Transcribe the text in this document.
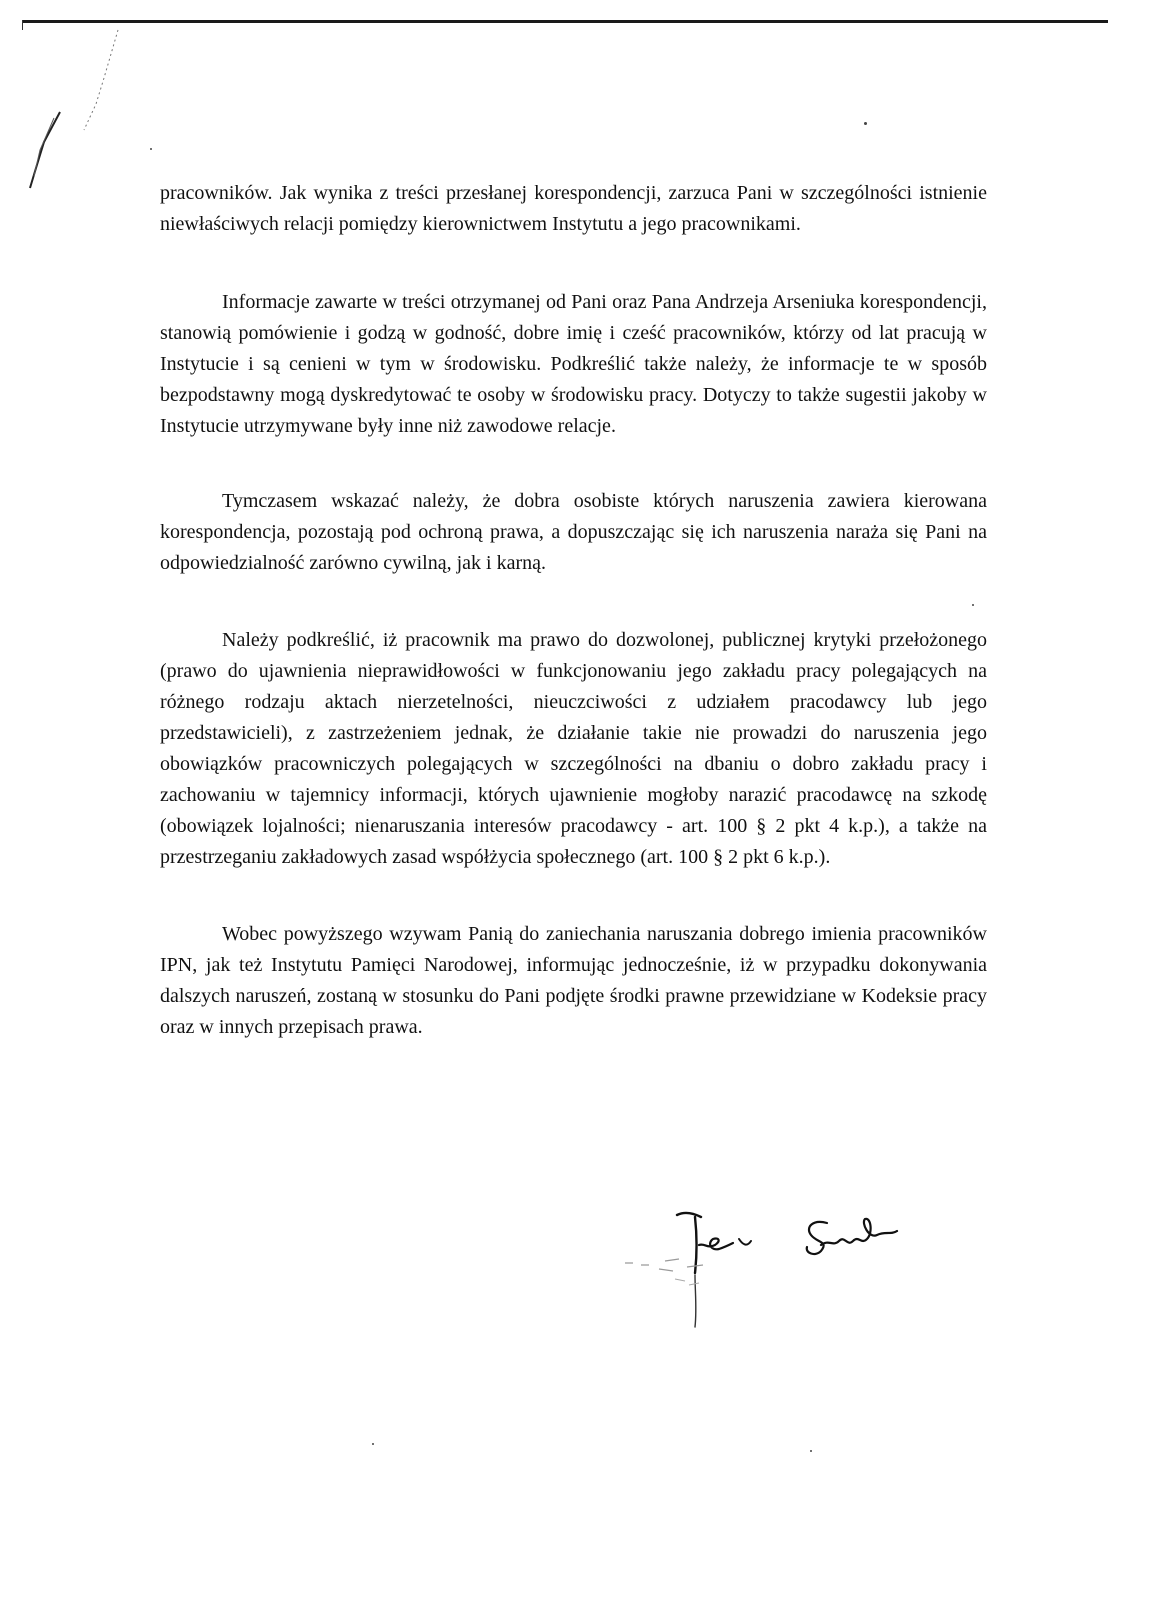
pracowników. Jak wynika z treści przesłanej korespondencji, zarzuca Pani w szczególności istnienie niewłaściwych relacji pomiędzy kierownictwem Instytutu a jego pracownikami.

Informacje zawarte w treści otrzymanej od Pani oraz Pana Andrzeja Arseniuka korespondencji, stanowią pomówienie i godzą w godność, dobre imię i cześć pracowników, którzy od lat pracują w Instytucie i są cenieni w tym w środowisku. Podkreślić także należy, że informacje te w sposób bezpodstawny mogą dyskredytować te osoby w środowisku pracy. Dotyczy to także sugestii jakoby w Instytucie utrzymywane były inne niż zawodowe relacje.

Tymczasem wskazać należy, że dobra osobiste których naruszenia zawiera kierowana korespondencja, pozostają pod ochroną prawa, a dopuszczając się ich naruszenia naraża się Pani na odpowiedzialność zarówno cywilną, jak i karną.

Należy podkreślić, iż pracownik ma prawo do dozwolonej, publicznej krytyki przełożonego (prawo do ujawnienia nieprawidłowości w funkcjonowaniu jego zakładu pracy polegających na różnego rodzaju aktach nierzetelności, nieuczciwości z udziałem pracodawcy lub jego przedstawicieli), z zastrzeżeniem jednak, że działanie takie nie prowadzi do naruszenia jego obowiązków pracowniczych polegających w szczególności na dbaniu o dobro zakładu pracy i zachowaniu w tajemnicy informacji, których ujawnienie mogłoby narazić pracodawcę na szkodę (obowiązek lojalności; nienaruszania interesów pracodawcy - art. 100 § 2 pkt 4 k.p.), a także na przestrzeganiu zakładowych zasad współżycia społecznego (art. 100 § 2 pkt 6 k.p.).

Wobec powyższego wzywam Panią do zaniechania naruszania dobrego imienia pracowników IPN, jak też Instytutu Pamięci Narodowej, informując jednocześnie, iż w przypadku dokonywania dalszych naruszeń, zostaną w stosunku do Pani podjęte środki prawne przewidziane w Kodeksie pracy oraz w innych przepisach prawa.
